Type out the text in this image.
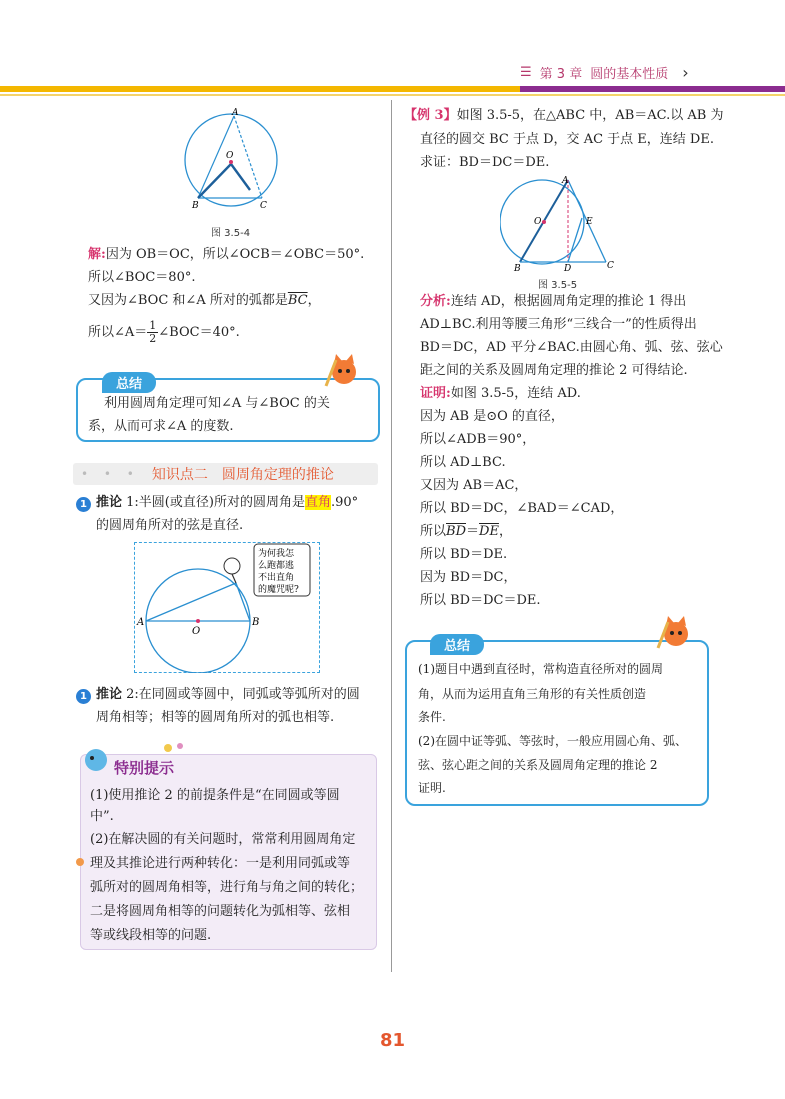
☰ 第 3 章 圆的基本性质 ›
A
O
B	C
图 3.5-4
解:因为 OB＝OC，所以∠OCB＝∠OBC＝50°.
所以∠BOC＝80°.
又因为∠BOC 和∠A 所对的弧都是$\overline{BC}$，
所以∠A＝ $\frac{1}{2}$ ∠BOC＝40°.
总结
利用圆周角定理可知∠A 与∠BOC 的关
系，从而可求∠A 的度数.
• • • 知识点二　圆周角定理的推论
1 推论 1:半圆(或直径)所对的圆周角是直角.90°
的圆周角所对的弦是直径.
为何我怎
么跑都逃
不出直角
的魔咒呢?
A
O
B
1 推论 2:在同圆或等圆中，同弧或等弧所对的圆
周角相等；相等的圆周角所对的弧也相等.
特别提示
(1)使用推论 2 的前提条件是“在同圆或等圆
中”.
(2)在解决圆的有关问题时，常常利用圆周角定
理及其推论进行两种转化：一是利用同弧或等
弧所对的圆周角相等，进行角与角之间的转化；
二是将圆周角相等的问题转化为弧相等、弦相
等或线段相等的问题.
【例 3】如图 3.5-5，在△ABC 中，AB＝AC.以 AB 为
直径的圆交 BC 于点 D，交 AC 于点 E，连结 DE.
求证：BD＝DC＝DE.
A
O	E
B	D	C
图 3.5-5
分析:连结 AD，根据圆周角定理的推论 1 得出
AD⊥BC.利用等腰三角形“三线合一”的性质得出
BD＝DC，AD 平分∠BAC.由圆心角、弧、弦、弦心
距之间的关系及圆周角定理的推论 2 可得结论.
证明:如图 3.5-5，连结 AD.
因为 AB 是⊙O 的直径，
所以∠ADB＝90°，
所以 AD⊥BC.
又因为 AB＝AC，
所以 BD＝DC，∠BAD＝∠CAD，
所以$\overline{BD}=\overline{DE}$，
所以 BD＝DE.
因为 BD＝DC，
所以 BD＝DC＝DE.
总结
(1)题目中遇到直径时，常构造直径所对的圆周
角，从而为运用直角三角形的有关性质创造
条件.
(2)在圆中证等弧、等弦时，一般应用圆心角、弧、
弦、弦心距之间的关系及圆周角定理的推论 2
证明.
81
